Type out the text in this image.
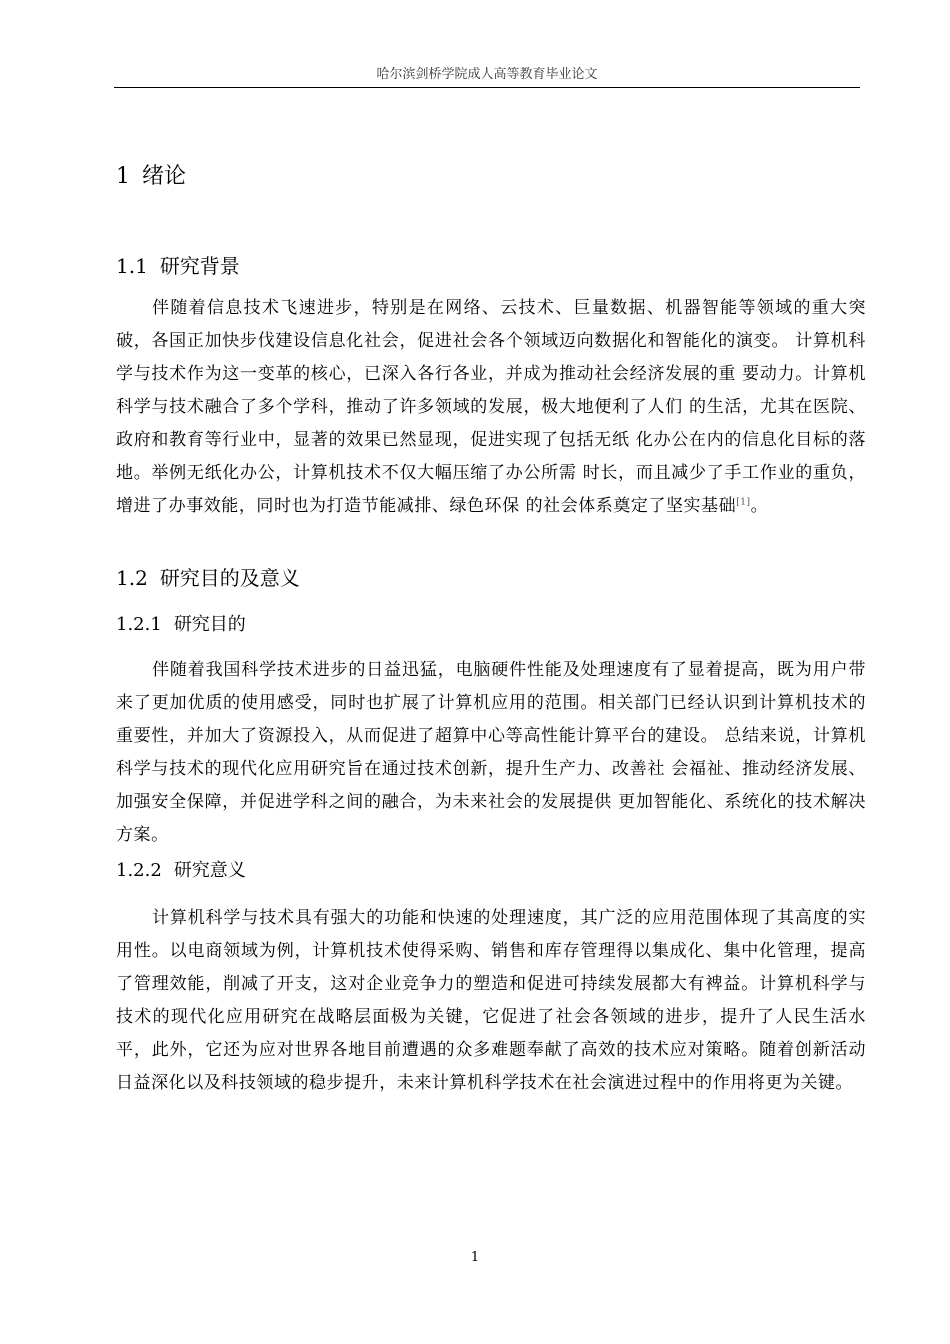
哈尔滨剑桥学院成人高等教育毕业论文
1 绪论
1.1 研究背景

伴随着信息技术飞速进步，特别是在网络、云技术、巨量数据、机器智能等领域的重大突破，各国正加快步伐建设信息化社会，促进社会各个领域迈向数据化和智能化的演变。 计算机科学与技术作为这一变革的核心，已深入各行各业，并成为推动社会经济发展的重 要动力。计算机科学与技术融合了多个学科，推动了许多领域的发展，极大地便利了人们 的生活，尤其在医院、政府和教育等行业中，显著的效果已然显现，促进实现了包括无纸 化办公在内的信息化目标的落地。举例无纸化办公，计算机技术不仅大幅压缩了办公所需 时长，而且减少了手工作业的重负，增进了办事效能，同时也为打造节能减排、绿色环保 的社会体系奠定了坚实基础[1]。

1.2 研究目的及意义
1.2.1 研究目的

伴随着我国科学技术进步的日益迅猛，电脑硬件性能及处理速度有了显着提高，既为用户带来了更加优质的使用感受，同时也扩展了计算机应用的范围。相关部门已经认识到计算机技术的重要性，并加大了资源投入，从而促进了超算中心等高性能计算平台的建设。 总结来说，计算机科学与技术的现代化应用研究旨在通过技术创新，提升生产力、改善社 会福祉、推动经济发展、加强安全保障，并促进学科之间的融合，为未来社会的发展提供 更加智能化、系统化的技术解决方案。

1.2.2 研究意义

计算机科学与技术具有强大的功能和快速的处理速度，其广泛的应用范围体现了其高度的实用性。以电商领域为例，计算机技术使得采购、销售和库存管理得以集成化、集中化管理，提高了管理效能，削减了开支，这对企业竞争力的塑造和促进可持续发展都大有裨益。计算机科学与技术的现代化应用研究在战略层面极为关键，它促进了社会各领域的进步，提升了人民生活水平，此外，它还为应对世界各地目前遭遇的众多难题奉献了高效的技术应对策略。随着创新活动日益深化以及科技领域的稳步提升，未来计算机科学技术在社会演进过程中的作用将更为关键。

1
